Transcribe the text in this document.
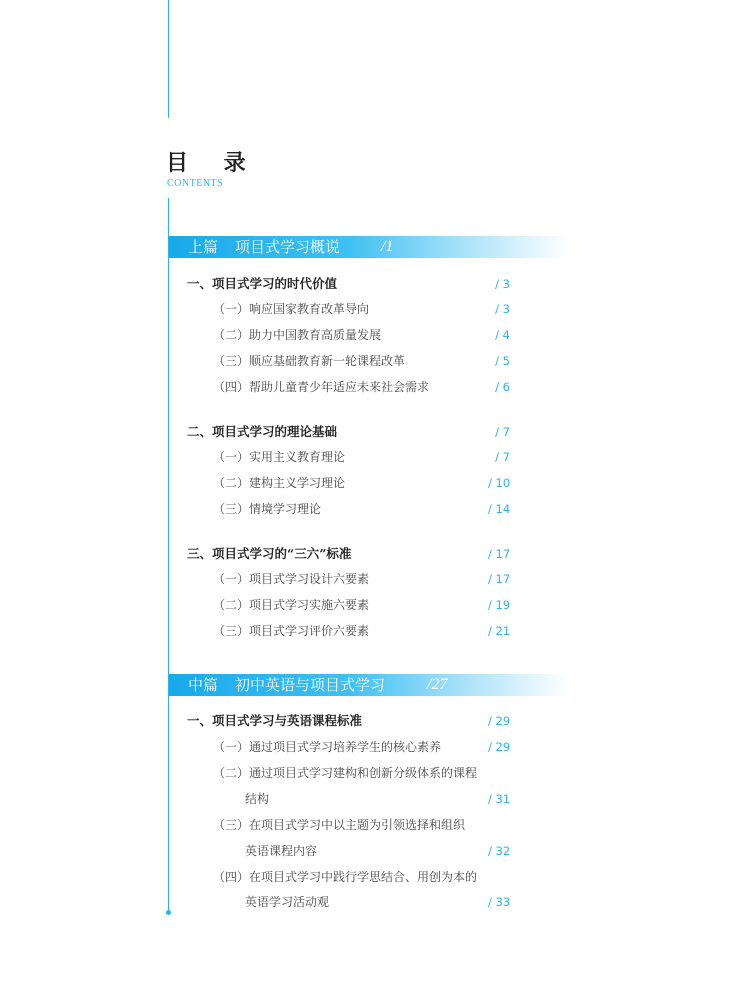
目 录
CONTENTS
上篇 项目式学习概说	/1
一、项目式学习的时代价值	/ 3
（一）响应国家教育改革导向	/ 3
（二）助力中国教育高质量发展	/ 4
（三）顺应基础教育新一轮课程改革	/ 5
（四）帮助儿童青少年适应未来社会需求	/ 6
二、项目式学习的理论基础	/ 7
（一）实用主义教育理论	/ 7
（二）建构主义学习理论	/ 10
（三）情境学习理论	/ 14
三、项目式学习的“三六”标准	/ 17
（一）项目式学习设计六要素	/ 17
（二）项目式学习实施六要素	/ 19
（三）项目式学习评价六要素	/ 21
中篇 初中英语与项目式学习	/27
一、项目式学习与英语课程标准	/ 29
（一）通过项目式学习培养学生的核心素养	/ 29
（二）通过项目式学习建构和创新分级体系的课程
结构	/ 31
（三）在项目式学习中以主题为引领选择和组织
英语课程内容	/ 32
（四）在项目式学习中践行学思结合、用创为本的
英语学习活动观	/ 33
